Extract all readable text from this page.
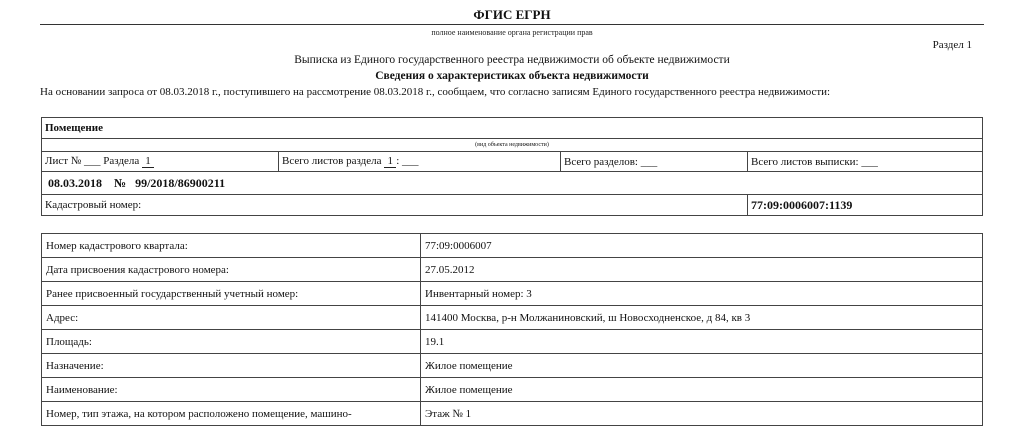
ФГИС ЕГРН
полное наименование органа регистрации прав
Раздел 1
Выписка из Единого государственного реестра недвижимости об объекте недвижимости
Сведения о характеристиках объекта недвижимости
На основании запроса от 08.03.2018 г., поступившего на рассмотрение 08.03.2018 г., сообщаем, что согласно записям Единого государственного реестра недвижимости:
Помещение			
(вид объекта недвижимости)			
Лист № ___ Раздела 1	Всего листов раздела 1 : ___	Всего разделов: ___	Всего листов выписки: ___
08.03.2018 № 99/2018/86900211			
Кадастровый номер:			77:09:0006007:1139
Номер кадастрового квартала:	77:09:0006007
Дата присвоения кадастрового номера:	27.05.2012
Ранее присвоенный государственный учетный номер:	Инвентарный номер: 3
Адрес:	141400 Москва, р-н Молжаниновский, ш Новосходненское, д 84, кв 3
Площадь:	19.1
Назначение:	Жилое помещение
Наименование:	Жилое помещение
Номер, тип этажа, на котором расположено помещение, машино-	Этаж № 1
